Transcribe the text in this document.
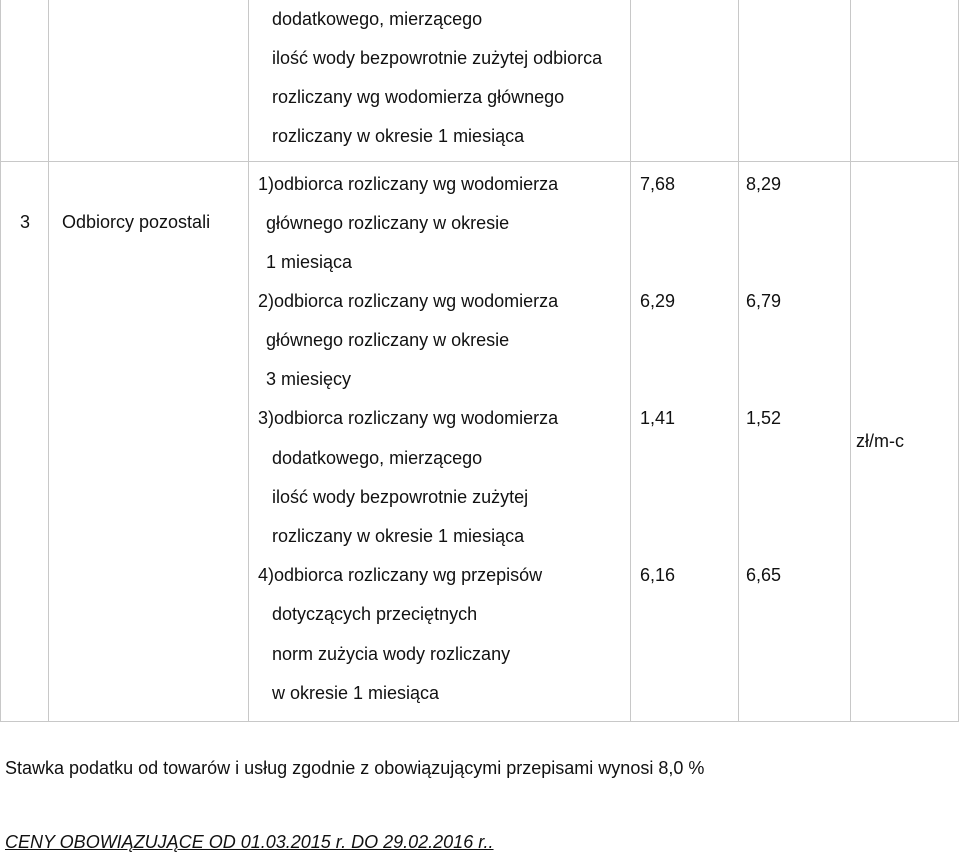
dodatkowego, mierzącego
ilość wody bezpowrotnie zużytej odbiorca
rozliczany wg wodomierza głównego
rozliczany w okresie 1 miesiąca
3 Odbiorcy pozostali
zł/m-c
1)odbiorca rozliczany wg wodomierza
głównego rozliczany w okresie
1 miesiąca
7,68	8,29
2)odbiorca rozliczany wg wodomierza
głównego rozliczany w okresie
3 miesięcy
6,29	6,79
3)odbiorca rozliczany wg wodomierza
dodatkowego, mierzącego
ilość wody bezpowrotnie zużytej
rozliczany w okresie 1 miesiąca
1,41	1,52
4)odbiorca rozliczany wg przepisów
dotyczących przeciętnych
norm zużycia wody rozliczany
w okresie 1 miesiąca
6,16	6,65
Stawka podatku od towarów i usług zgodnie z obowiązującymi przepisami wynosi 8,0 %
CENY OBOWIĄZUJĄCE OD 01.03.2015 r. DO 29.02.2016 r..
